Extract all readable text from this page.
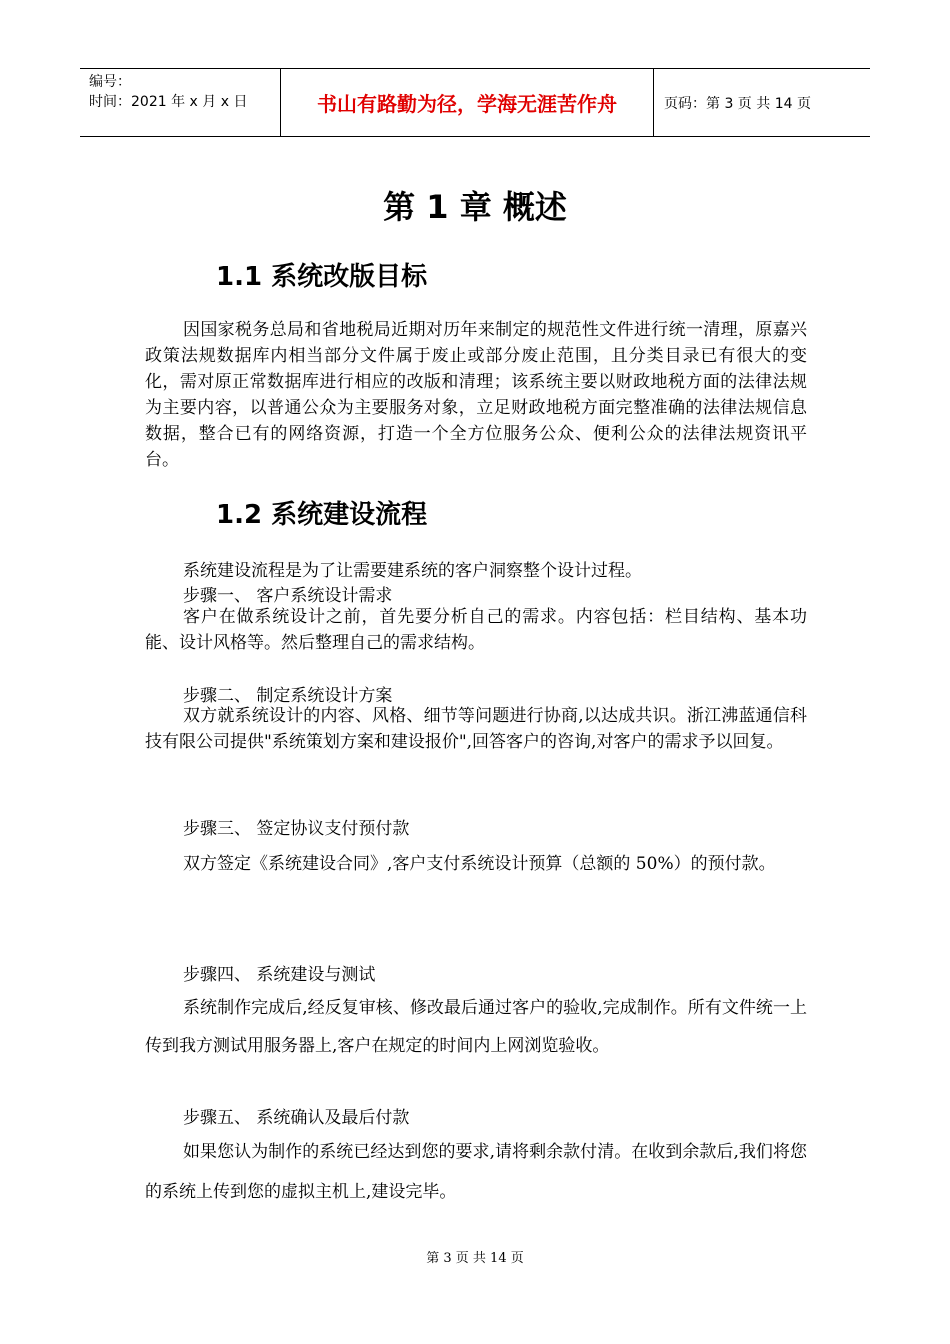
编号：
时间：2021 年 x 月 x 日	书山有路勤为径，学海无涯苦作舟	页码：第 3 页 共 14 页
第 1 章 概述
1.1 系统改版目标
因国家税务总局和省地税局近期对历年来制定的规范性文件进行统一清理，原嘉兴政策法规数据库内相当部分文件属于废止或部分废止范围，且分类目录已有很大的变化，需对原正常数据库进行相应的改版和清理；该系统主要以财政地税方面的法律法规为主要内容，以普通公众为主要服务对象，立足财政地税方面完整准确的法律法规信息数据，整合已有的网络资源，打造一个全方位服务公众、便利公众的法律法规资讯平台。
1.2 系统建设流程
系统建设流程是为了让需要建系统的客户洞察整个设计过程。
步骤一、 客户系统设计需求
客户在做系统设计之前，首先要分析自己的需求。内容包括：栏目结构、基本功能、设计风格等。然后整理自己的需求结构。
步骤二、 制定系统设计方案
双方就系统设计的内容、风格、细节等问题进行协商,以达成共识。浙江沸蓝通信科技有限公司提供"系统策划方案和建设报价",回答客户的咨询,对客户的需求予以回复。
步骤三、 签定协议支付预付款
双方签定《系统建设合同》,客户支付系统设计预算（总额的 50%）的预付款。
步骤四、 系统建设与测试
系统制作完成后,经反复审核、修改最后通过客户的验收,完成制作。所有文件统一上传到我方测试用服务器上,客户在规定的时间内上网浏览验收。
步骤五、 系统确认及最后付款
如果您认为制作的系统已经达到您的要求,请将剩余款付清。在收到余款后,我们将您的系统上传到您的虚拟主机上,建设完毕。
第 3 页 共 14 页
